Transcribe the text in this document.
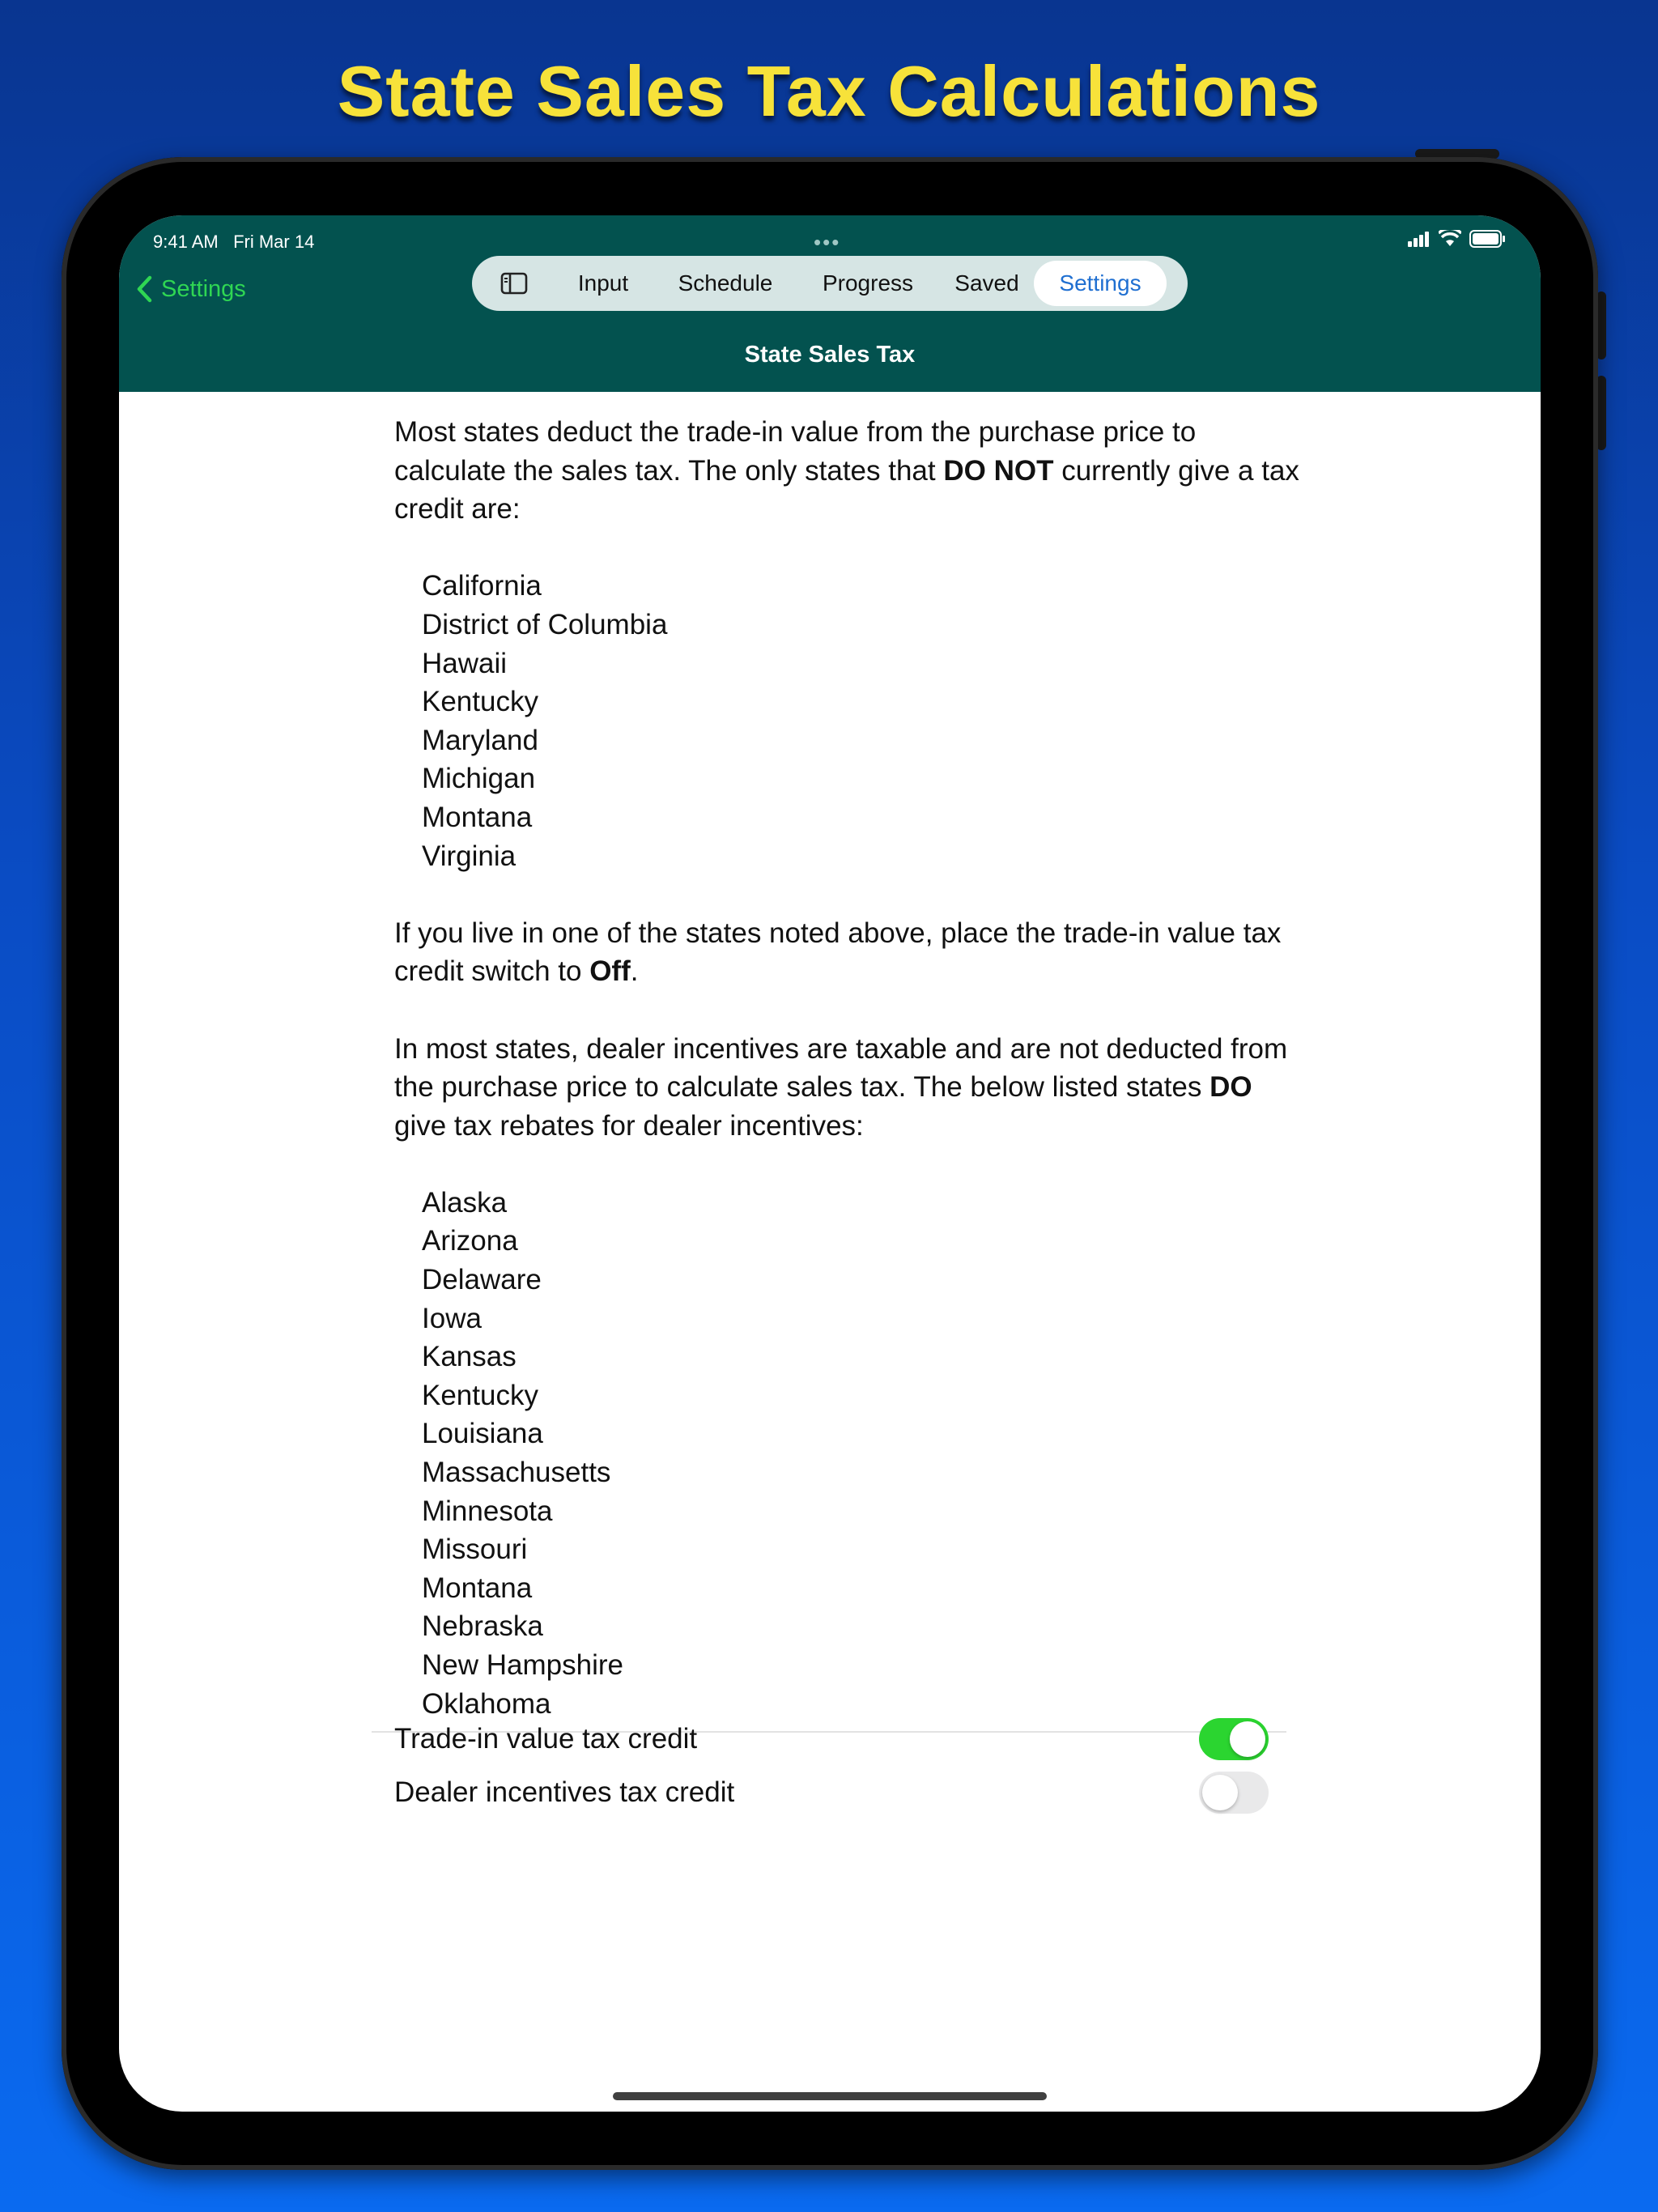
State Sales Tax Calculations
9:41 AM Fri Mar 14	•••
Settings	Input Schedule Progress Saved Settings
State Sales Tax

Most states deduct the trade-in value from the purchase price to calculate the sales tax. The only states that DO NOT currently give a tax credit are:

California
District of Columbia
Hawaii
Kentucky
Maryland
Michigan
Montana
Virginia

If you live in one of the states noted above, place the trade-in value tax credit switch to Off.

In most states, dealer incentives are taxable and are not deducted from the purchase price to calculate sales tax. The below listed states DO give tax rebates for dealer incentives:

Alaska
Arizona
Delaware
Iowa
Kansas
Kentucky
Louisiana
Massachusetts
Minnesota
Missouri
Montana
Nebraska
New Hampshire
Oklahoma
Trade-in value tax credit
Dealer incentives tax credit
